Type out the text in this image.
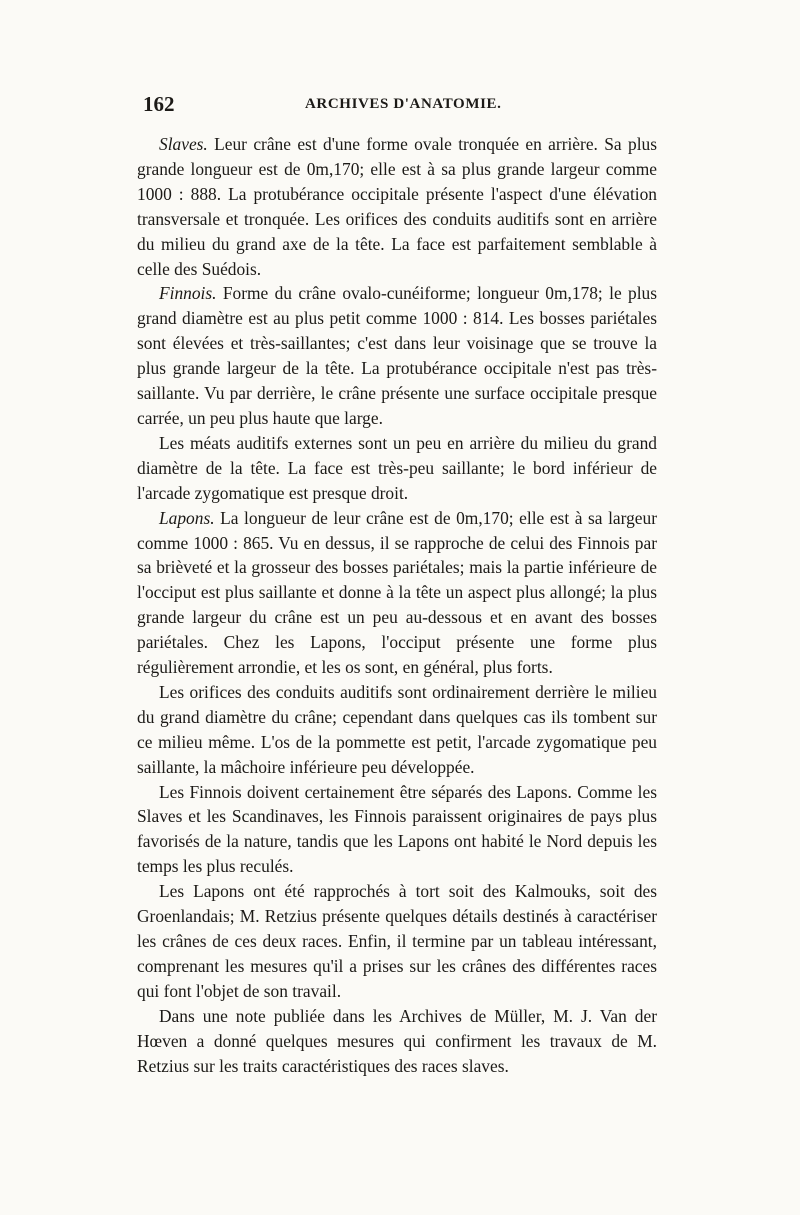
162	ARCHIVES D'ANATOMIE.

Slaves. Leur crâne est d'une forme ovale tronquée en arrière. Sa plus grande longueur est de 0m,170; elle est à sa plus grande largeur comme 1000 : 888. La protubérance occipitale présente l'aspect d'une élévation transversale et tronquée. Les orifices des conduits auditifs sont en arrière du milieu du grand axe de la tête. La face est parfaitement semblable à celle des Suédois.

Finnois. Forme du crâne ovalo-cunéiforme; longueur 0m,178; le plus grand diamètre est au plus petit comme 1000 : 814. Les bosses pariétales sont élevées et très-saillantes; c'est dans leur voisinage que se trouve la plus grande largeur de la tête. La protubérance occipitale n'est pas très-saillante. Vu par derrière, le crâne présente une surface occipitale presque carrée, un peu plus haute que large.

Les méats auditifs externes sont un peu en arrière du milieu du grand diamètre de la tête. La face est très-peu saillante; le bord inférieur de l'arcade zygomatique est presque droit.

Lapons. La longueur de leur crâne est de 0m,170; elle est à sa largeur comme 1000 : 865. Vu en dessus, il se rapproche de celui des Finnois par sa brièveté et la grosseur des bosses pariétales; mais la partie inférieure de l'occiput est plus saillante et donne à la tête un aspect plus allongé; la plus grande largeur du crâne est un peu au-dessous et en avant des bosses pariétales. Chez les Lapons, l'occiput présente une forme plus régulièrement arrondie, et les os sont, en général, plus forts.

Les orifices des conduits auditifs sont ordinairement derrière le milieu du grand diamètre du crâne; cependant dans quelques cas ils tombent sur ce milieu même. L'os de la pommette est petit, l'arcade zygomatique peu saillante, la mâchoire inférieure peu développée.

Les Finnois doivent certainement être séparés des Lapons. Comme les Slaves et les Scandinaves, les Finnois paraissent originaires de pays plus favorisés de la nature, tandis que les Lapons ont habité le Nord depuis les temps les plus reculés.

Les Lapons ont été rapprochés à tort soit des Kalmouks, soit des Groenlandais; M. Retzius présente quelques détails destinés à caractériser les crânes de ces deux races. Enfin, il termine par un tableau intéressant, comprenant les mesures qu'il a prises sur les crânes des différentes races qui font l'objet de son travail.

Dans une note publiée dans les Archives de Müller, M. J. Van der Hœven a donné quelques mesures qui confirment les travaux de M. Retzius sur les traits caractéristiques des races slaves.
